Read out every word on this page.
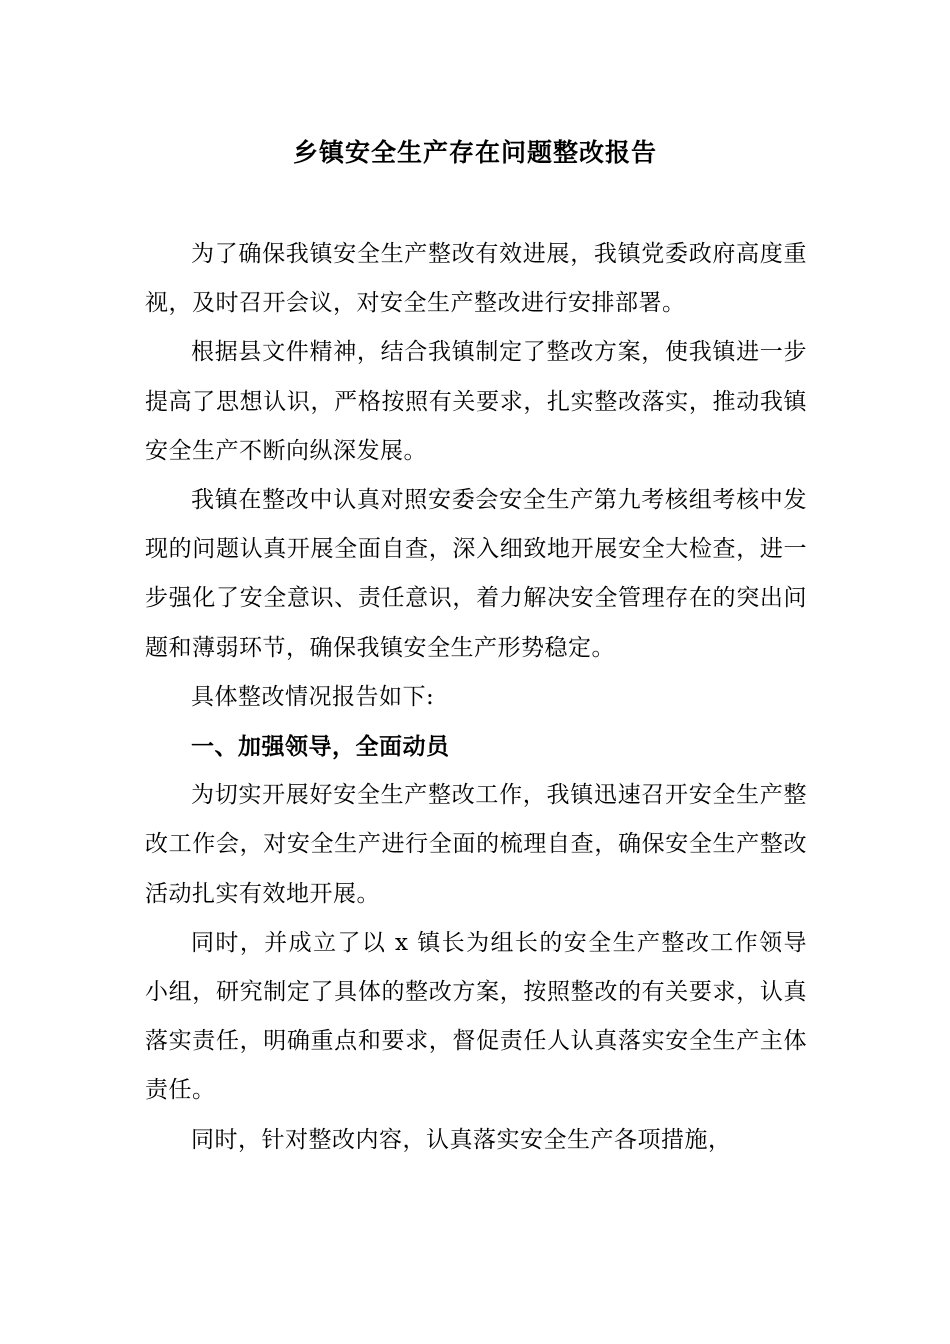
乡镇安全生产存在问题整改报告

为了确保我镇安全生产整改有效进展，我镇党委政府高度重视，及时召开会议，对安全生产整改进行安排部署。

根据县文件精神，结合我镇制定了整改方案，使我镇进一步提高了思想认识，严格按照有关要求，扎实整改落实，推动我镇安全生产不断向纵深发展。

我镇在整改中认真对照安委会安全生产第九考核组考核中发现的问题认真开展全面自查，深入细致地开展安全大检查，进一步强化了安全意识、责任意识，着力解决安全管理存在的突出问题和薄弱环节，确保我镇安全生产形势稳定。

具体整改情况报告如下:

一、加强领导，全面动员

为切实开展好安全生产整改工作，我镇迅速召开安全生产整改工作会，对安全生产进行全面的梳理自查，确保安全生产整改活动扎实有效地开展。

同时，并成立了以 x 镇长为组长的安全生产整改工作领导小组，研究制定了具体的整改方案，按照整改的有关要求，认真落实责任，明确重点和要求，督促责任人认真落实安全生产主体责任。

同时，针对整改内容，认真落实安全生产各项措施，
